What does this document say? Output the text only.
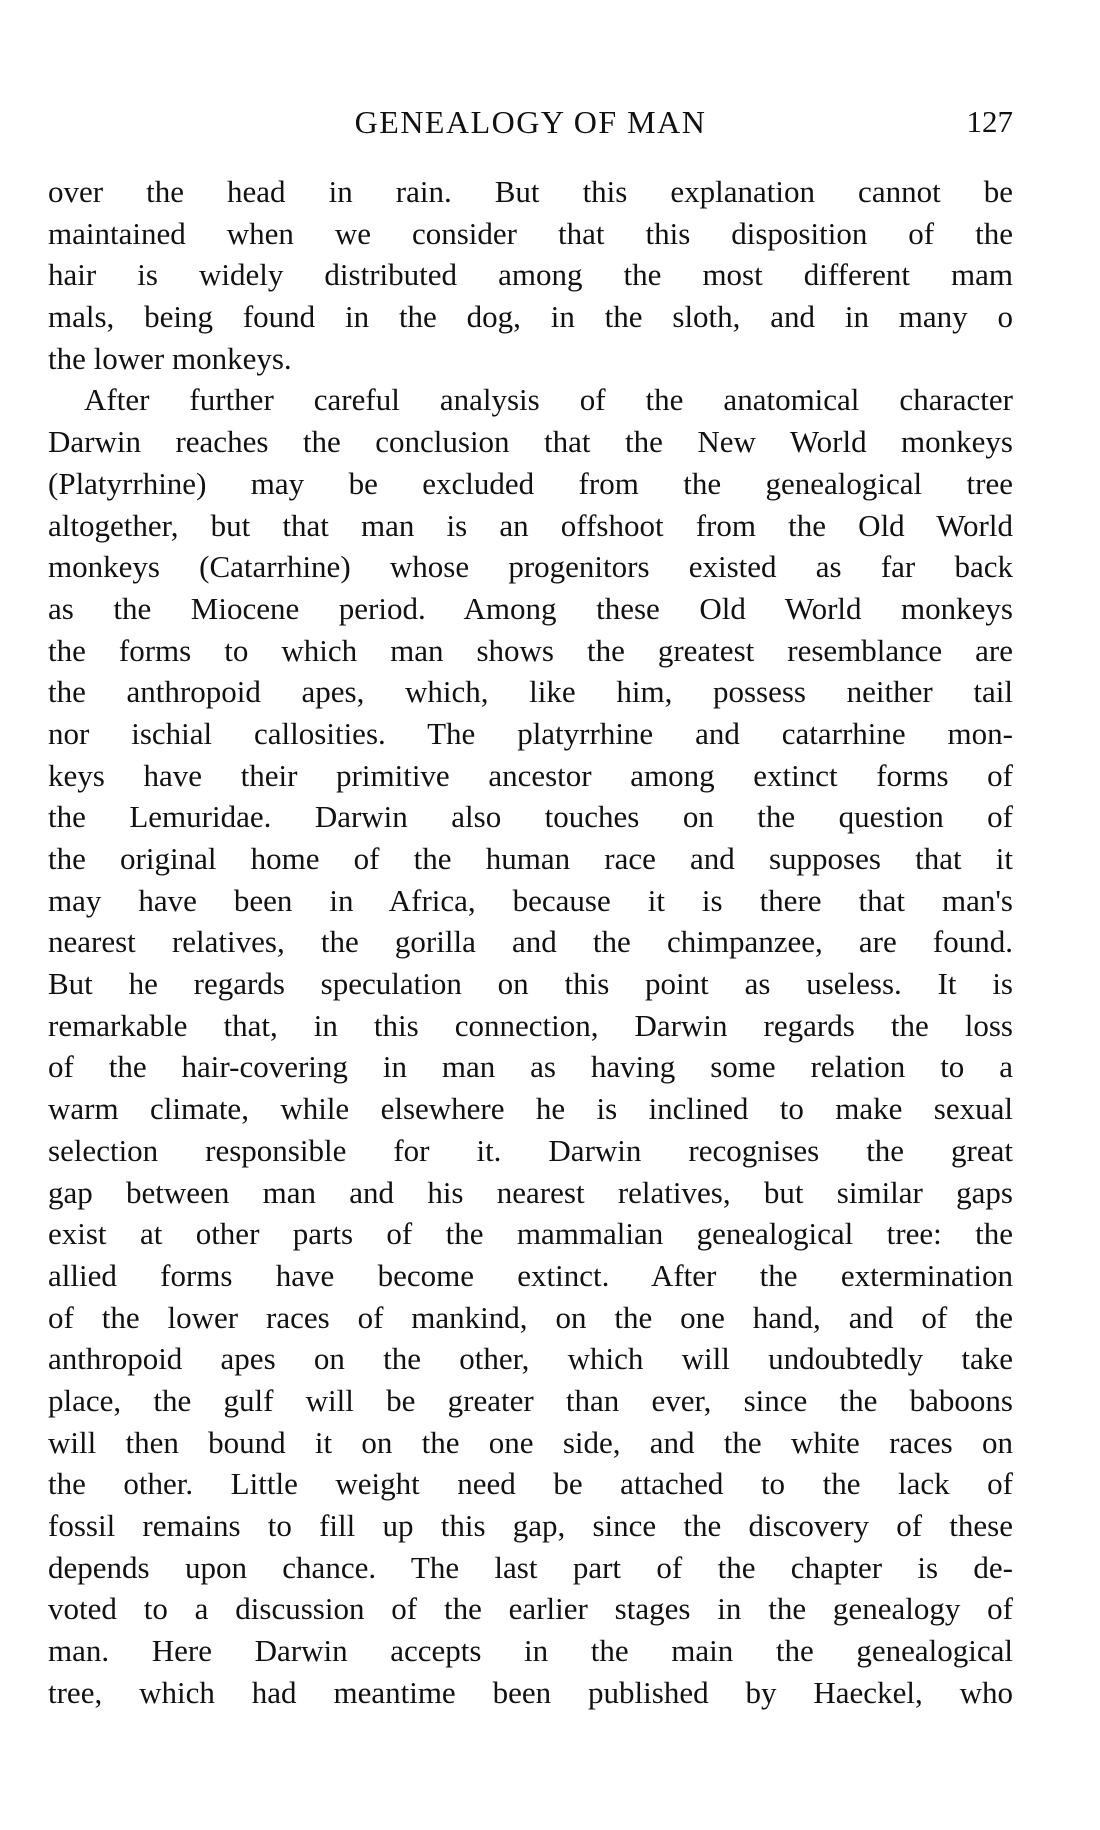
GENEALOGY OF MAN	127
over the head in rain. But this explanation cannot be
maintained when we consider that this disposition of the
hair is widely distributed among the most different mam
mals, being found in the dog, in the sloth, and in many o
the lower monkeys.
After further careful analysis of the anatomical character
Darwin reaches the conclusion that the New World monkeys
(Platyrrhine) may be excluded from the genealogical tree
altogether, but that man is an offshoot from the Old World
monkeys (Catarrhine) whose progenitors existed as far back
as the Miocene period. Among these Old World monkeys
the forms to which man shows the greatest resemblance are
the anthropoid apes, which, like him, possess neither tail
nor ischial callosities. The platyrrhine and catarrhine mon-
keys have their primitive ancestor among extinct forms of
the Lemuridae. Darwin also touches on the question of
the original home of the human race and supposes that it
may have been in Africa, because it is there that man's
nearest relatives, the gorilla and the chimpanzee, are found.
But he regards speculation on this point as useless. It is
remarkable that, in this connection, Darwin regards the loss
of the hair-covering in man as having some relation to a
warm climate, while elsewhere he is inclined to make sexual
selection responsible for it. Darwin recognises the great
gap between man and his nearest relatives, but similar gaps
exist at other parts of the mammalian genealogical tree: the
allied forms have become extinct. After the extermination
of the lower races of mankind, on the one hand, and of the
anthropoid apes on the other, which will undoubtedly take
place, the gulf will be greater than ever, since the baboons
will then bound it on the one side, and the white races on
the other. Little weight need be attached to the lack of
fossil remains to fill up this gap, since the discovery of these
depends upon chance. The last part of the chapter is de-
voted to a discussion of the earlier stages in the genealogy of
man. Here Darwin accepts in the main the genealogical
tree, which had meantime been published by Haeckel, who
